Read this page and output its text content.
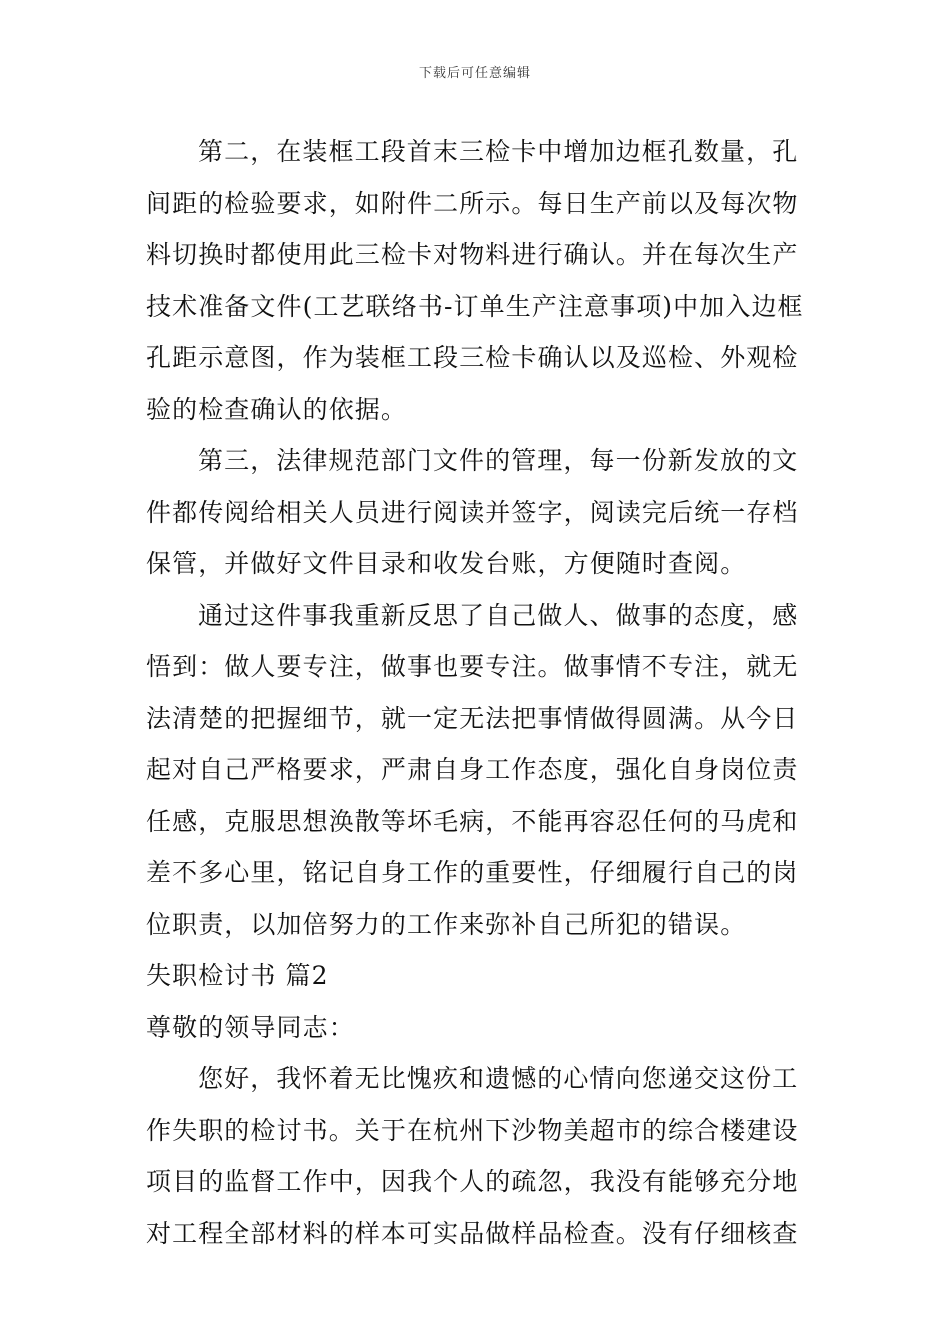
下载后可任意编辑
第二，在装框工段首末三检卡中增加边框孔数量，孔
间距的检验要求，如附件二所示。每日生产前以及每次物
料切换时都使用此三检卡对物料进行确认。并在每次生产
技术准备文件(工艺联络书-订单生产注意事项)中加入边框
孔距示意图，作为装框工段三检卡确认以及巡检、外观检
验的检查确认的依据。
第三，法律规范部门文件的管理，每一份新发放的文
件都传阅给相关人员进行阅读并签字，阅读完后统一存档
保管，并做好文件目录和收发台账，方便随时查阅。
通过这件事我重新反思了自己做人、做事的态度，感
悟到：做人要专注，做事也要专注。做事情不专注，就无
法清楚的把握细节，就一定无法把事情做得圆满。从今日
起对自己严格要求，严肃自身工作态度，强化自身岗位责
任感，克服思想涣散等坏毛病，不能再容忍任何的马虎和
差不多心里，铭记自身工作的重要性，仔细履行自己的岗
位职责，以加倍努力的工作来弥补自己所犯的错误。
失职检讨书 篇2
尊敬的领导同志：
您好，我怀着无比愧疚和遗憾的心情向您递交这份工
作失职的检讨书。关于在杭州下沙物美超市的综合楼建设
项目的监督工作中，因我个人的疏忽，我没有能够充分地
对工程全部材料的样本可实品做样品检查。没有仔细核查
